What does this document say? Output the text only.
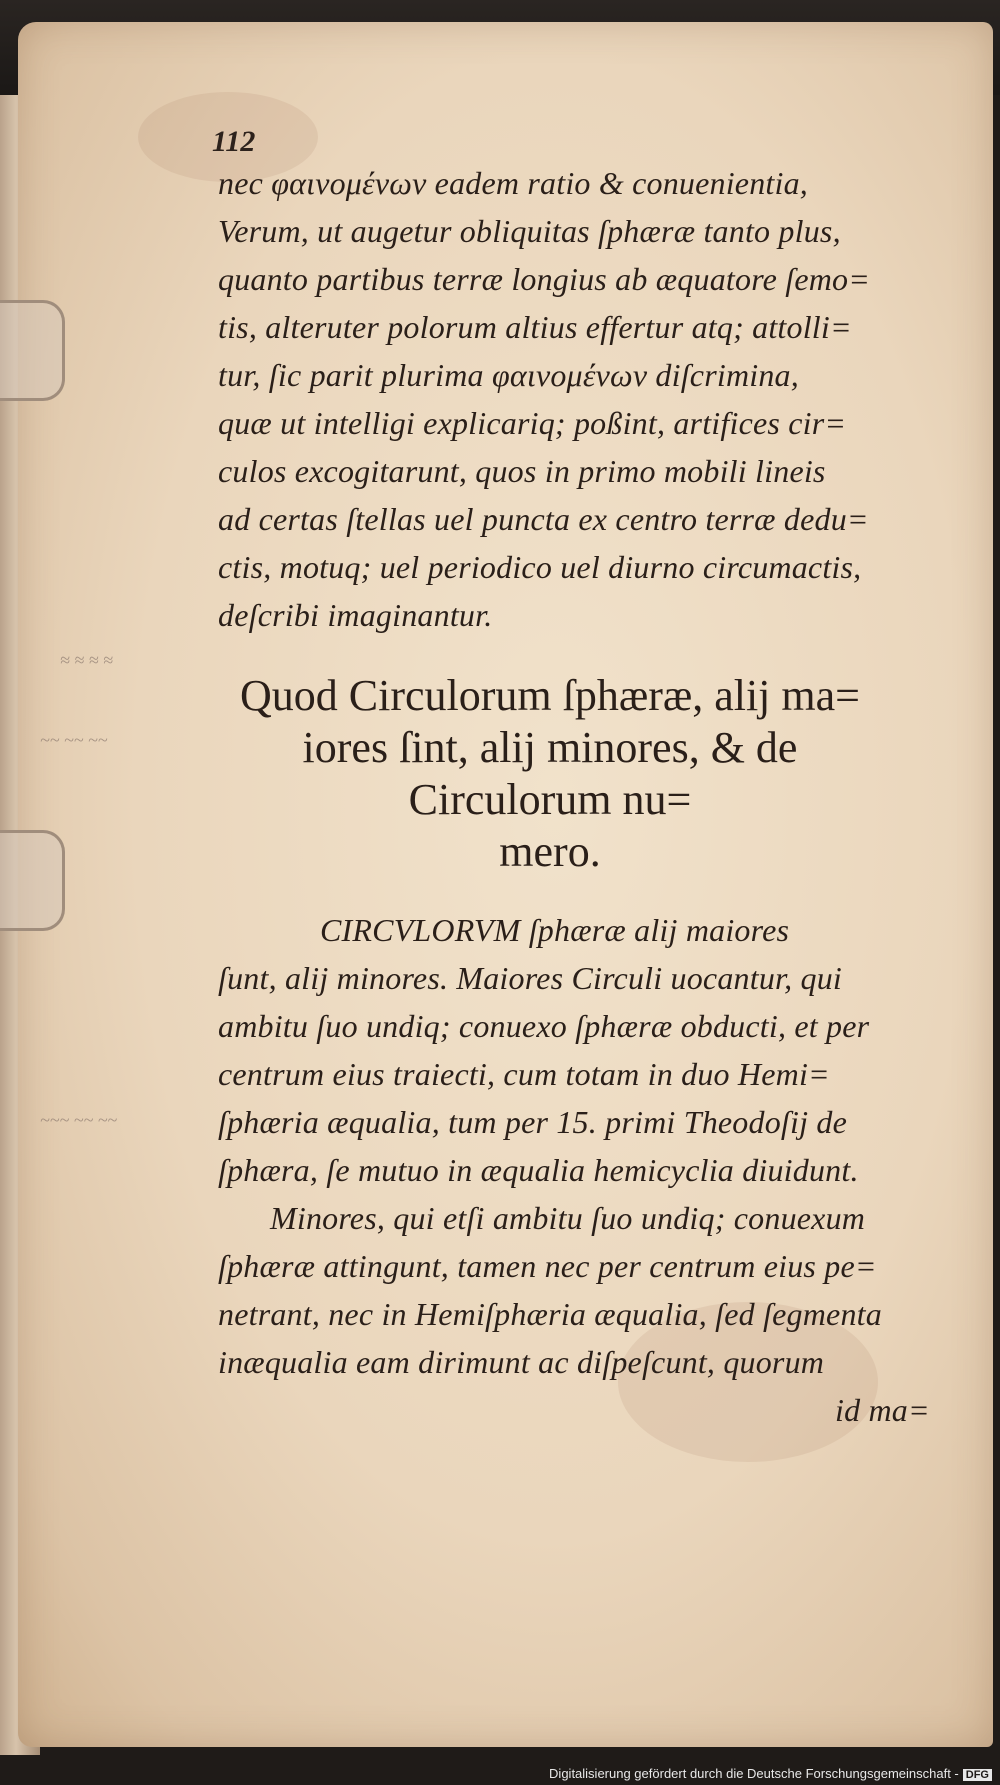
≈ ≈ ≈ ≈
~~ ~~ ~~
~~~ ~~ ~~
112
nec φαινομένων eadem ratio & conuenientia,
Verum, ut augetur obliquitas ſphæræ tanto plus,
quanto partibus terræ longius ab æquatore ſemo=
tis, alteruter polorum altius effertur atq; attolli=
tur, ſic parit plurima φαινομένων diſcrimina,
quæ ut intelligi explicariq; poßint, artifices cir=
culos excogitarunt, quos in primo mobili lineis
ad certas ſtellas uel puncta ex centro terræ dedu=
ctis, motuq; uel periodico uel diurno circumactis,
deſcribi imaginantur.
Quod Circulorum ſphæræ, alij ma=
iores ſint, alij minores, & de
Circulorum nu=
mero.
CIRCVLORVM ſphæræ alij maiores
ſunt, alij minores. Maiores Circuli uocantur, qui
ambitu ſuo undiq; conuexo ſphæræ obducti, et per
centrum eius traiecti, cum totam in duo Hemi=
ſphæria æqualia, tum per 15. primi Theodoſij de
ſphæra, ſe mutuo in æqualia hemicyclia diuidunt.
Minores, qui etſi ambitu ſuo undiq; conuexum
ſphæræ attingunt, tamen nec per centrum eius pe=
netrant, nec in Hemiſphæria æqualia, ſed ſegmenta
inæqualia eam dirimunt ac diſpeſcunt, quorum
id ma=
Digitalisierung gefördert durch die Deutsche Forschungsgemeinschaft - DFG
